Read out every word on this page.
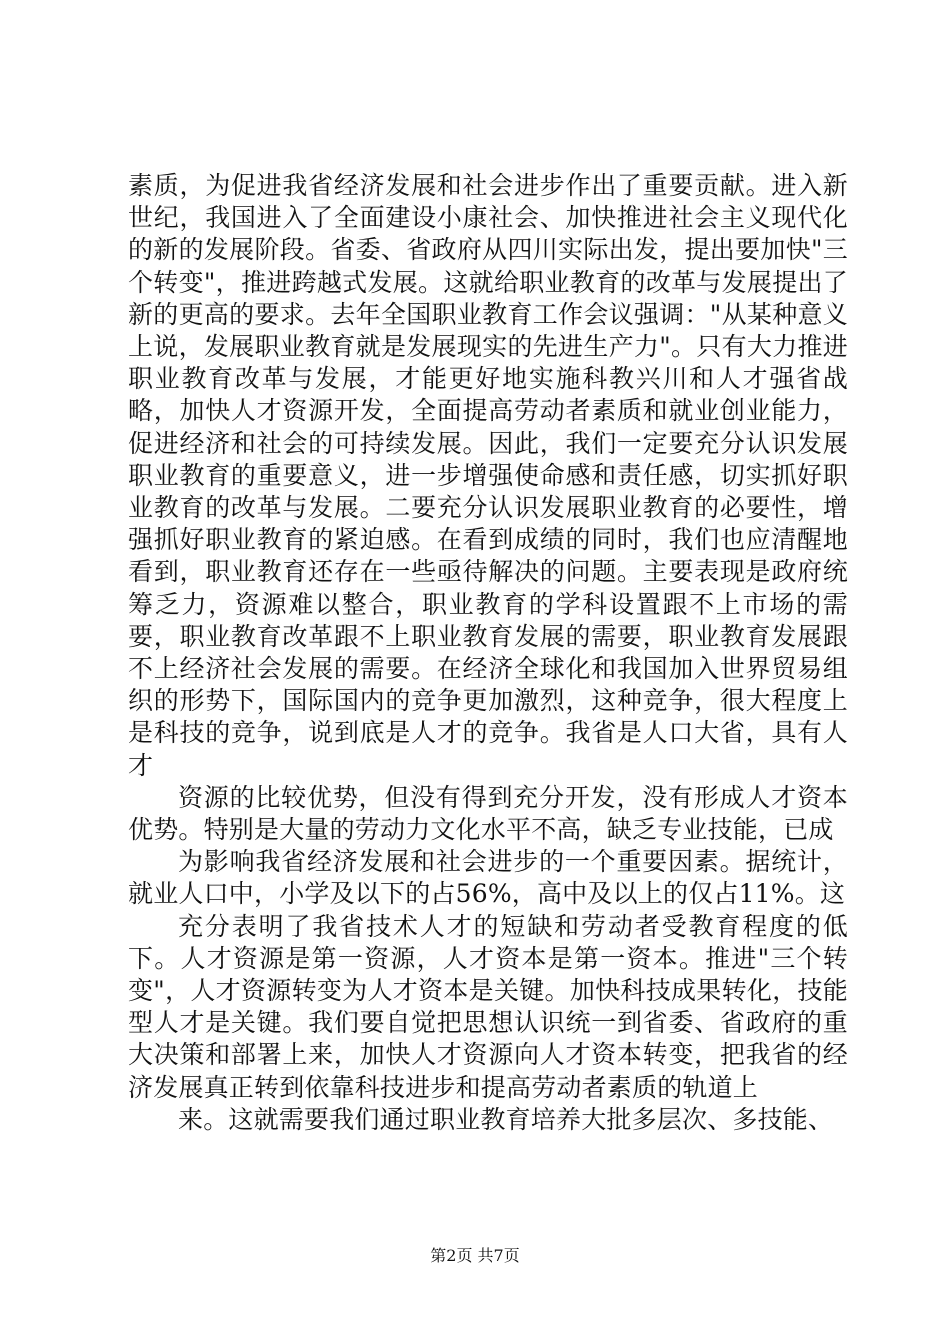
素质，为促进我省经济发展和社会进步作出了重要贡献。进入新世纪，我国进入了全面建设小康社会、加快推进社会主义现代化的新的发展阶段。省委、省政府从四川实际出发，提出要加快"三个转变"，推进跨越式发展。这就给职业教育的改革与发展提出了新的更高的要求。去年全国职业教育工作会议强调："从某种意义上说，发展职业教育就是发展现实的先进生产力"。只有大力推进职业教育改革与发展，才能更好地实施科教兴川和人才强省战略，加快人才资源开发，全面提高劳动者素质和就业创业能力，促进经济和社会的可持续发展。因此，我们一定要充分认识发展职业教育的重要意义，进一步增强使命感和责任感，切实抓好职业教育的改革与发展。二要充分认识发展职业教育的必要性，增强抓好职业教育的紧迫感。在看到成绩的同时，我们也应清醒地看到，职业教育还存在一些亟待解决的问题。主要表现是政府统筹乏力，资源难以整合，职业教育的学科设置跟不上市场的需要，职业教育改革跟不上职业教育发展的需要，职业教育发展跟不上经济社会发展的需要。在经济全球化和我国加入世界贸易组织的形势下，国际国内的竞争更加激烈，这种竞争，很大程度上是科技的竞争，说到底是人才的竞争。我省是人口大省，具有人才

资源的比较优势，但没有得到充分开发，没有形成人才资本优势。特别是大量的劳动力文化水平不高，缺乏专业技能，已成

为影响我省经济发展和社会进步的一个重要因素。据统计，就业人口中，小学及以下的占56%，高中及以上的仅占11%。这

充分表明了我省技术人才的短缺和劳动者受教育程度的低下。人才资源是第一资源，人才资本是第一资本。推进"三个转变"，人才资源转变为人才资本是关键。加快科技成果转化，技能型人才是关键。我们要自觉把思想认识统一到省委、省政府的重大决策和部署上来，加快人才资源向人才资本转变，把我省的经济发展真正转到依靠科技进步和提高劳动者素质的轨道上

来。这就需要我们通过职业教育培养大批多层次、多技能、

第2页 共7页
